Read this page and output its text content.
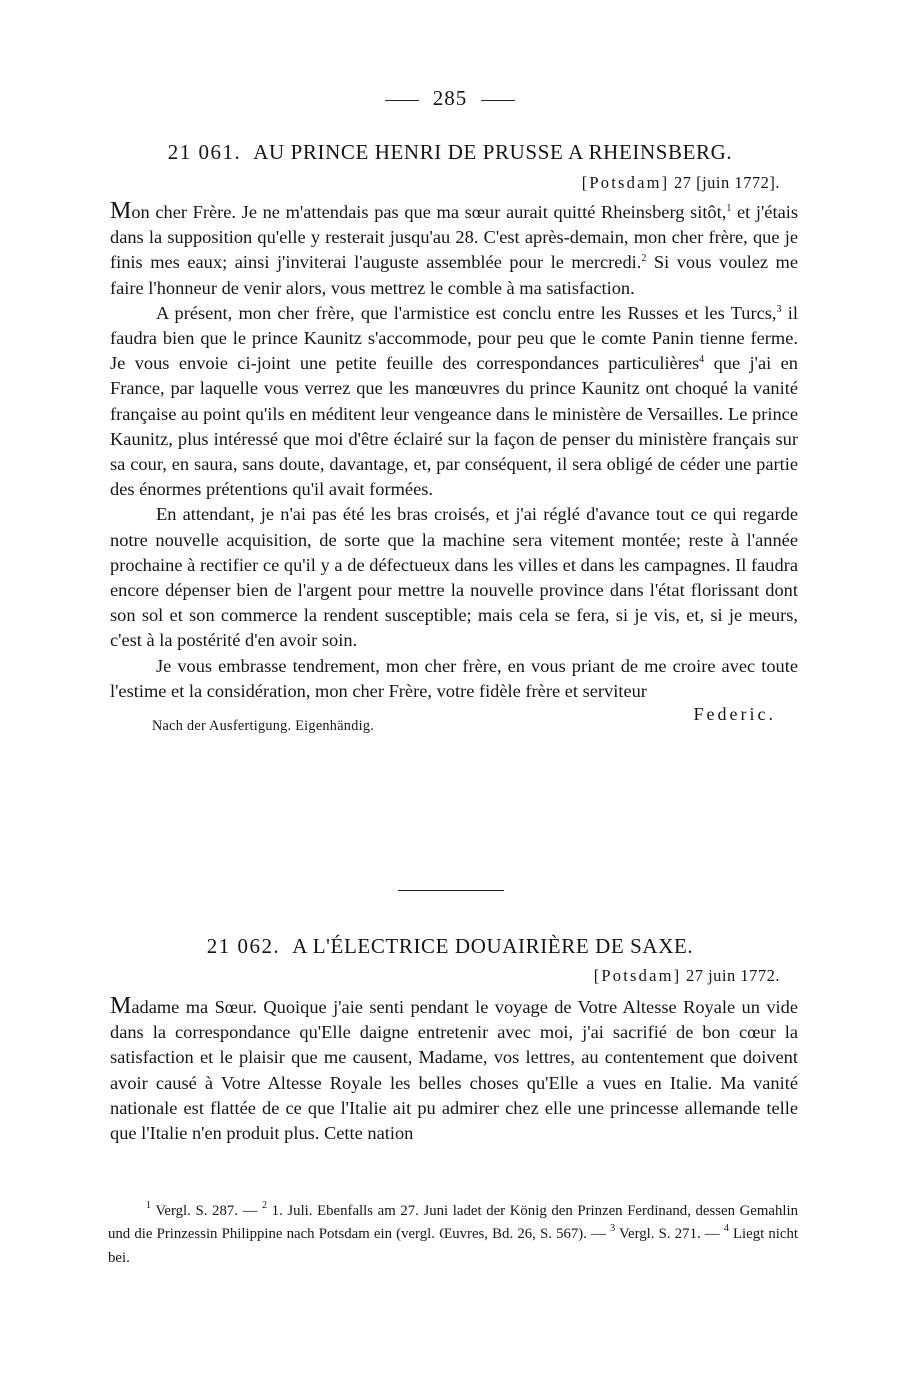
285
21 061. AU PRINCE HENRI DE PRUSSE A RHEINSBERG.
[Potsdam] 27 [juin 1772].

Mon cher Frère. Je ne m'attendais pas que ma sœur aurait quitté Rheinsberg sitôt,$^1$ et j'étais dans la supposition qu'elle y resterait jusqu'au 28. C'est après-demain, mon cher frère, que je finis mes eaux; ainsi j'inviterai l'auguste assemblée pour le mercredi.$^2$ Si vous voulez me faire l'honneur de venir alors, vous mettrez le comble à ma satisfaction.

A présent, mon cher frère, que l'armistice est conclu entre les Russes et les Turcs,$^3$ il faudra bien que le prince Kaunitz s'accommode, pour peu que le comte Panin tienne ferme. Je vous envoie ci-joint une petite feuille des correspondances particulières$^4$ que j'ai en France, par laquelle vous verrez que les manœuvres du prince Kaunitz ont choqué la vanité française au point qu'ils en méditent leur vengeance dans le ministère de Versailles. Le prince Kaunitz, plus intéressé que moi d'être éclairé sur la façon de penser du ministère français sur sa cour, en saura, sans doute, davantage, et, par conséquent, il sera obligé de céder une partie des énormes prétentions qu'il avait formées.

En attendant, je n'ai pas été les bras croisés, et j'ai réglé d'avance tout ce qui regarde notre nouvelle acquisition, de sorte que la machine sera vitement montée; reste à l'année prochaine à rectifier ce qu'il y a de défectueux dans les villes et dans les campagnes. Il faudra encore dépenser bien de l'argent pour mettre la nouvelle province dans l'état florissant dont son sol et son commerce la rendent susceptible; mais cela se fera, si je vis, et, si je meurs, c'est à la postérité d'en avoir soin.

Je vous embrasse tendrement, mon cher frère, en vous priant de me croire avec toute l'estime et la considération, mon cher Frère, votre fidèle frère et serviteur

Nach der Ausfertigung. Eigenhändig.
Federic.
21 062. A L'ÉLECTRICE DOUAIRIÈRE DE SAXE.
[Potsdam] 27 juin 1772.

Madame ma Sœur. Quoique j'aie senti pendant le voyage de Votre Altesse Royale un vide dans la correspondance qu'Elle daigne entretenir avec moi, j'ai sacrifié de bon cœur la satisfaction et le plaisir que me causent, Madame, vos lettres, au contentement que doivent avoir causé à Votre Altesse Royale les belles choses qu'Elle a vues en Italie. Ma vanité nationale est flattée de ce que l'Italie ait pu admirer chez elle une princesse allemande telle que l'Italie n'en produit plus. Cette nation

$^1$ Vergl. S. 287. — $^2$ 1. Juli. Ebenfalls am 27. Juni ladet der König den Prinzen Ferdinand, dessen Gemahlin und die Prinzessin Philippine nach Potsdam ein (vergl. Œuvres, Bd. 26, S. 567). — $^3$ Vergl. S. 271. — $^4$ Liegt nicht bei.
